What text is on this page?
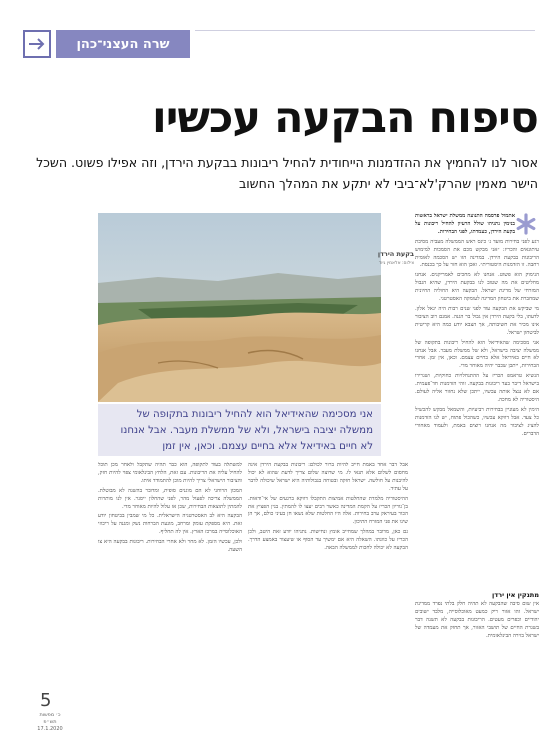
שרה העצני־כהן
סיפוח הבקעה עכשיו
אסור לנו להחמיץ את ההזדמנות הייחודית להחיל ריבונות בבקעת הירדן, וזה אפילו פשוט. השכל הישר מאמין שהרק'לא־ביבי לא יתקע את המהלך החשוב
בקעת הירדן
צילום: אלאמין גיוד
אני מסכימה שהאידיאל הוא להחיל ריבונות בתקופה של ממשלה יציבה בישראל, ולא של ממשלת מעבר. אבל אנחנו לא חיים באידיאל אלא בחיים עצמם. וכאן, אין זמן

אתמול פרסמה התנועה ממשלת ישראל בראשות בנימין נתניהו שולל הרעיון להחיל ריבונות על בקעת הירדן, כעמדתו, לפני הבחירות.

רגע לפני בחירות מועד ג׳ כינס ראש הממשלה מעביה מסיבת עיתונאים והכריז: ״אני מבקש מכם את הסמכות למימוש הריבונות בבקעת הירדן. במדינה הזו יש הסכמה לאומית רחבה. זו הזדמנות היסטורית״. ואכן הוא חזר על כך בכנסת.

הנימוק הוא פשוט. אנחנו לא מחכים לאמריקנים. אנחנו מחליטים את מה שטוב לנו בבקעת הירדן, שהיא הגבול המזרחי של מדינת ישראל. הבקעה היא החוליה החיונית שמחברת את ביטחון המדינה לעומקה האסטרטגי.

מי שביקש את הבקעה עוד לפני שנים רבות היה יגאל אלון. לדעתו, בלי בקעת הירדן אין גבול בר הגנה. אמנם רוב הציבור אינו מכיר את חשיבותה, אך הצבא יודע כמה היא קריטית לביטחון ישראל.

אני מסכימה שהאידיאל הוא להחיל ריבונות בתקופה של ממשלה יציבה בישראל, ולא של ממשלת מעבר. אבל אנחנו לא חיים באידיאל אלא בחיים עצמם. וכאן, אין זמן. אחרי הבחירות, ייתכן שכבר יהיה מאוחר מדי.

הנשיא טראמפ הכריז על ההתנחלויות כחוקיות, ושגרירו בישראל דיבר בעד ריבונות בבקעה. זוהי הזדמנות חד־פעמית. אם לא ננצל אותה עכשיו, ייתכן שלא נחזור אליה לעולם. היסטוריה לא מחכה.

הימין לא מעוניין בבחירות רביעיות, והשמאל מבקש להכשיל כל צעד. אבל דווקא עכשיו, כשהכול פתוח, יש לנו הזדמנות להציג לציבור מה אנחנו רוצים באמת, ולעמוד מאחורי הדברים.

מתנקין אין ירדן

אין שום סיבה שהבקעה לא תהיה חלק בלתי נפרד ממדינת ישראל. זהו אזור ריק כמעט מאוכלוסייה, מלבד ישובים יהודיים וכפרים מעטים. הריבונות בבקעה לא תשנה דבר בשגרת החיים של תושבי האזור, אך תחזק את מעמדה של ישראל בזירה הבינלאומית.

אבל דבר אחד באמת חייב להיות ברור לכולם: ריבונות בבקעת הירדן אינה מחסום לשלום אלא תנאי לו. מי שרוצה שלום צריך לדעת שהוא לא יכול להיבנות על חולשה. ישראל חזקה ובטוחה בגבולותיה היא ישראל שיכולה לדבר על עתיד.

ההיסטוריה מלמדת שהחלטות אמיצות התקבלו דווקא ברגעים של אי־ודאות. בן־גוריון הכריז על הקמת המדינה כאשר רבים יעצו לו להמתין. בגין הפציץ את הכור בעיראק ערב בחירות. אלה היו החלטות שלא נשאו חן בעיני כולם, אך הן שינו את פני המזרח התיכון.

גם כאן, מדובר במהלך שמחייב אומץ ונחישות. נתניהו יודע זאת היטב, ולכן הכריז על כוונתו. השאלה היא אם ימשיך עד הסוף או שיעצור באמצע הדרך. הבקעה לא יכולה לחכות לממשלה הבאה.

למשתלה בעוד לתקופה, הוא כבר תהיה שתקבל ולאחר מכן תוכל להחיל עליה את הריבונות. עם זאת, הלחץ הבינלאומי צפוי להיות חזק, והציבור הישראלי צריך להיות מוכן להתמודד איתו.

המכון הרוחני לא הם מוגנים סופית, ומדובר בהשגה לא מבוטלת. הממשלה צריכה לפעול מהר, לפני שהחלון ייסגר. אין לנו מותרות להמתין לתוצאות הבחירות, שכן אז עלול להיות מאוחר מדי.

הבקעה היא לב האסטרטגיה הישראלית. כל מי שמבין בביטחון יודע זאת. היא מספקת עומק ומרחב, מונעת הברחות נשק ומגנה על ריכוזי האוכלוסייה במרכז הארץ. אין לה תחליף.

ולכן, עכשיו הזמן. לא מחר ולא אחרי הבחירות. ריבונות בבקעה היא צו השעה.

5
כ׳ מפשות
תש״פ
17.1.2020
